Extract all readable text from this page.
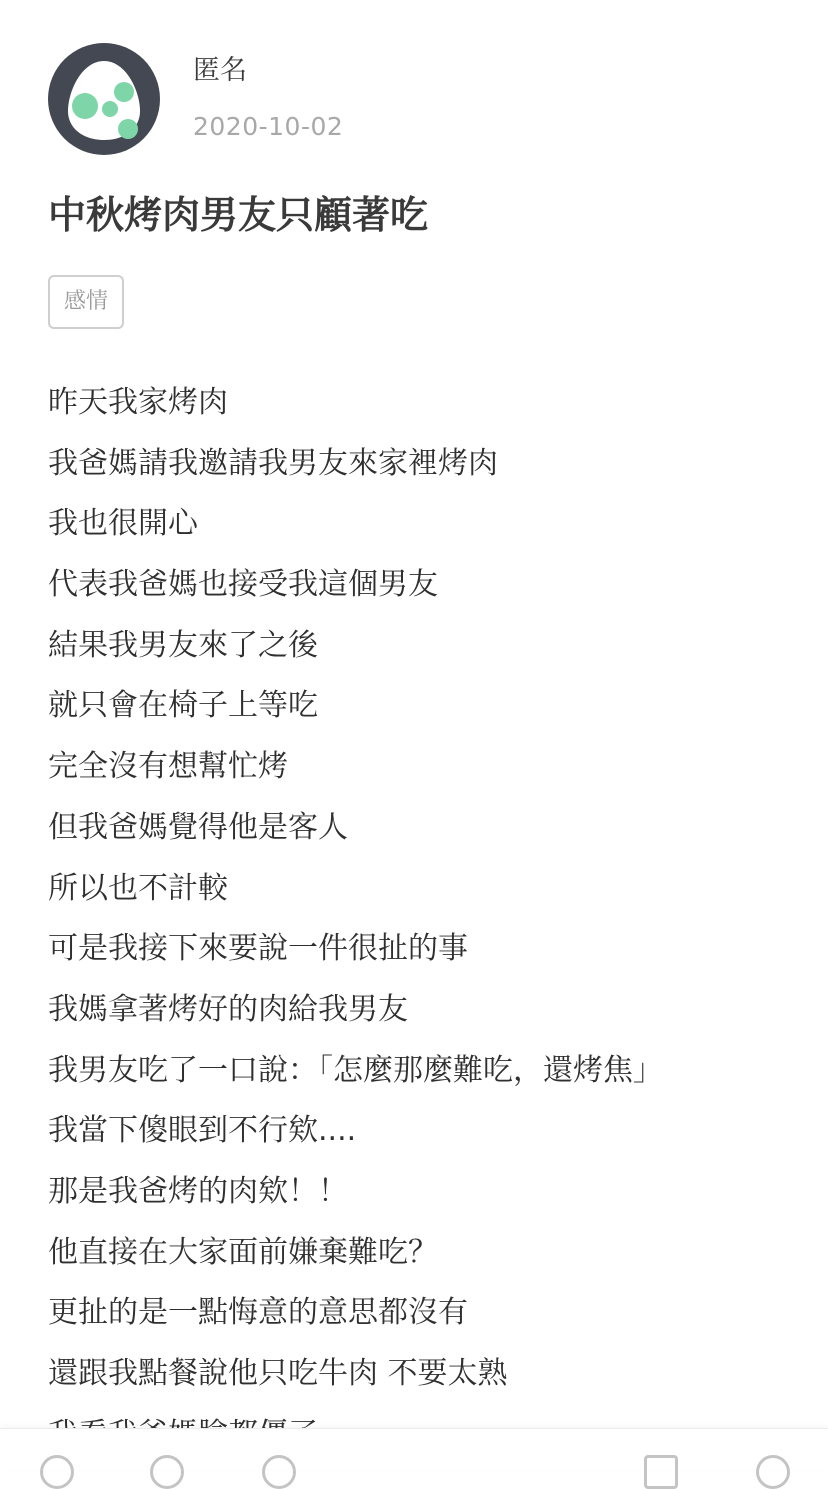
匿名
2020-10-02
中秋烤肉男友只顧著吃
感情
昨天我家烤肉
我爸媽請我邀請我男友來家裡烤肉
我也很開心
代表我爸媽也接受我這個男友
結果我男友來了之後
就只會在椅子上等吃
完全沒有想幫忙烤
但我爸媽覺得他是客人
所以也不計較
可是我接下來要說一件很扯的事
我媽拿著烤好的肉給我男友
我男友吃了一口說：「怎麼那麼難吃，還烤焦」
我當下傻眼到不行欸....
那是我爸烤的肉欸！！
他直接在大家面前嫌棄難吃？
更扯的是一點悔意的意思都沒有
還跟我點餐說他只吃牛肉 不要太熟
